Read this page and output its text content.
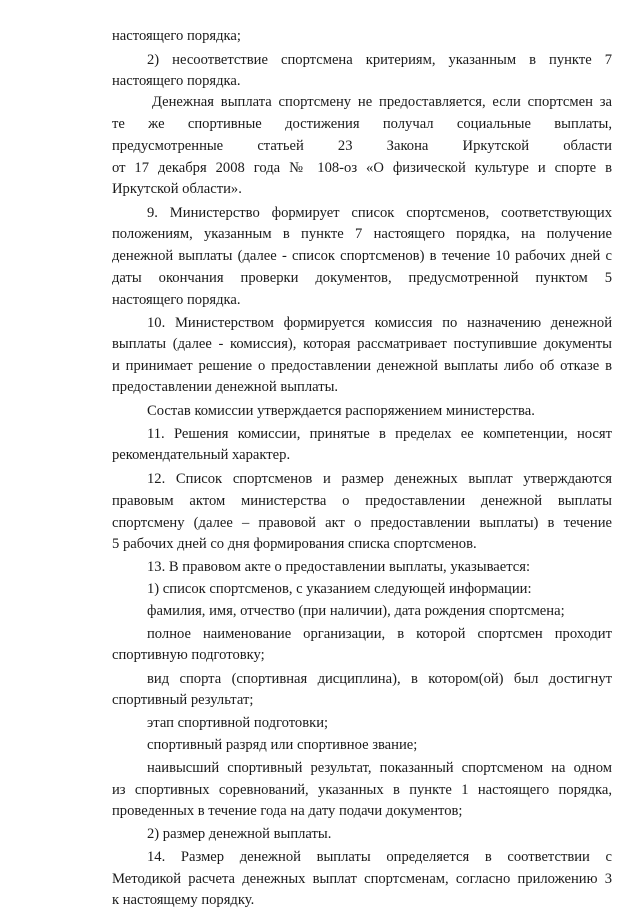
настоящего порядка;
2) несоответствие спортсмена критериям, указанным в пункте 7
настоящего порядка.
Денежная выплата спортсмену не предоставляется, если спортсмен за
те же спортивные достижения получал социальные выплаты,
предусмотренные статьей 23 Закона Иркутской области
от 17 декабря 2008 года № 108-оз «О физической культуре и спорте в
Иркутской области».
9. Министерство формирует список спортсменов, соответствующих
положениям, указанным в пункте 7 настоящего порядка, на получение
денежной выплаты (далее - список спортсменов) в течение 10 рабочих дней с
даты окончания проверки документов, предусмотренной пунктом 5
настоящего порядка.
10. Министерством формируется комиссия по назначению денежной
выплаты (далее - комиссия), которая рассматривает поступившие документы
и принимает решение о предоставлении денежной выплаты либо об отказе в
предоставлении денежной выплаты.
Состав комиссии утверждается распоряжением министерства.
11. Решения комиссии, принятые в пределах ее компетенции, носят
рекомендательный характер.
12. Список спортсменов и размер денежных выплат утверждаются
правовым актом министерства о предоставлении денежной выплаты
спортсмену (далее – правовой акт о предоставлении выплаты) в течение
5 рабочих дней со дня формирования списка спортсменов.
13. В правовом акте о предоставлении выплаты, указывается:
1) список спортсменов, с указанием следующей информации:
фамилия, имя, отчество (при наличии), дата рождения спортсмена;
полное наименование организации, в которой спортсмен проходит
спортивную подготовку;
вид спорта (спортивная дисциплина), в котором(ой) был достигнут
спортивный результат;
этап спортивной подготовки;
спортивный разряд или спортивное звание;
наивысший спортивный результат, показанный спортсменом на одном
из спортивных соревнований, указанных в пункте 1 настоящего порядка,
проведенных в течение года на дату подачи документов;
2) размер денежной выплаты.
14. Размер денежной выплаты определяется в соответствии с
Методикой расчета денежных выплат спортсменам, согласно приложению 3
к настоящему порядку.
